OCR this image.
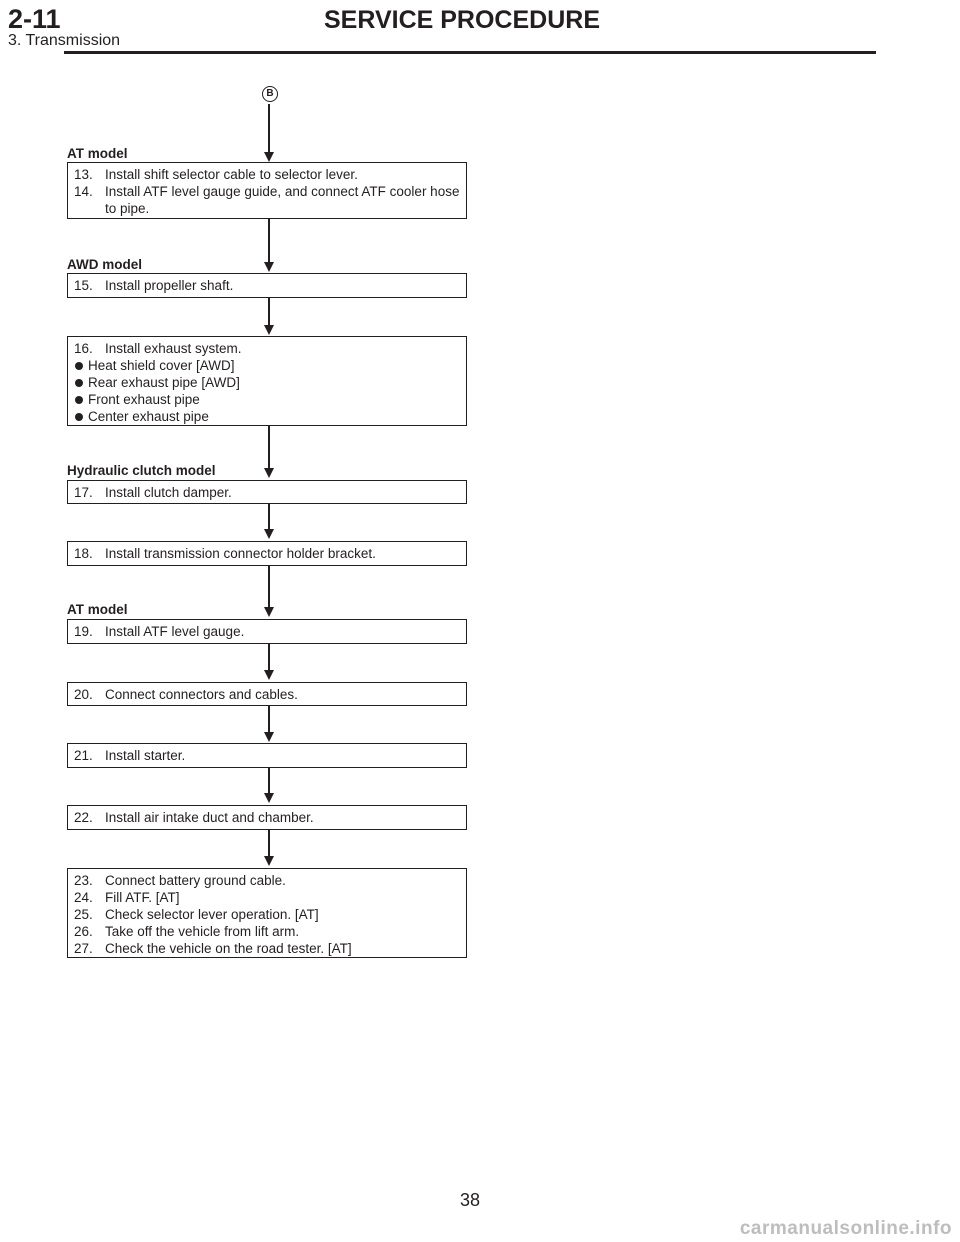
2-11	SERVICE PROCEDURE
3. Transmission
B
AT model
13. Install shift selector cable to selector lever.
14. Install ATF level gauge guide, and connect ATF cooler hose to pipe.
AWD model
15. Install propeller shaft.
16. Install exhaust system.
Heat shield cover [AWD]
Rear exhaust pipe [AWD]
Front exhaust pipe
Center exhaust pipe
Hydraulic clutch model
17. Install clutch damper.
18. Install transmission connector holder bracket.
AT model
19. Install ATF level gauge.
20. Connect connectors and cables.
21. Install starter.
22. Install air intake duct and chamber.
23. Connect battery ground cable.
24. Fill ATF. [AT]
25. Check selector lever operation. [AT]
26. Take off the vehicle from lift arm.
27. Check the vehicle on the road tester. [AT]
38
carmanualsonline.info
